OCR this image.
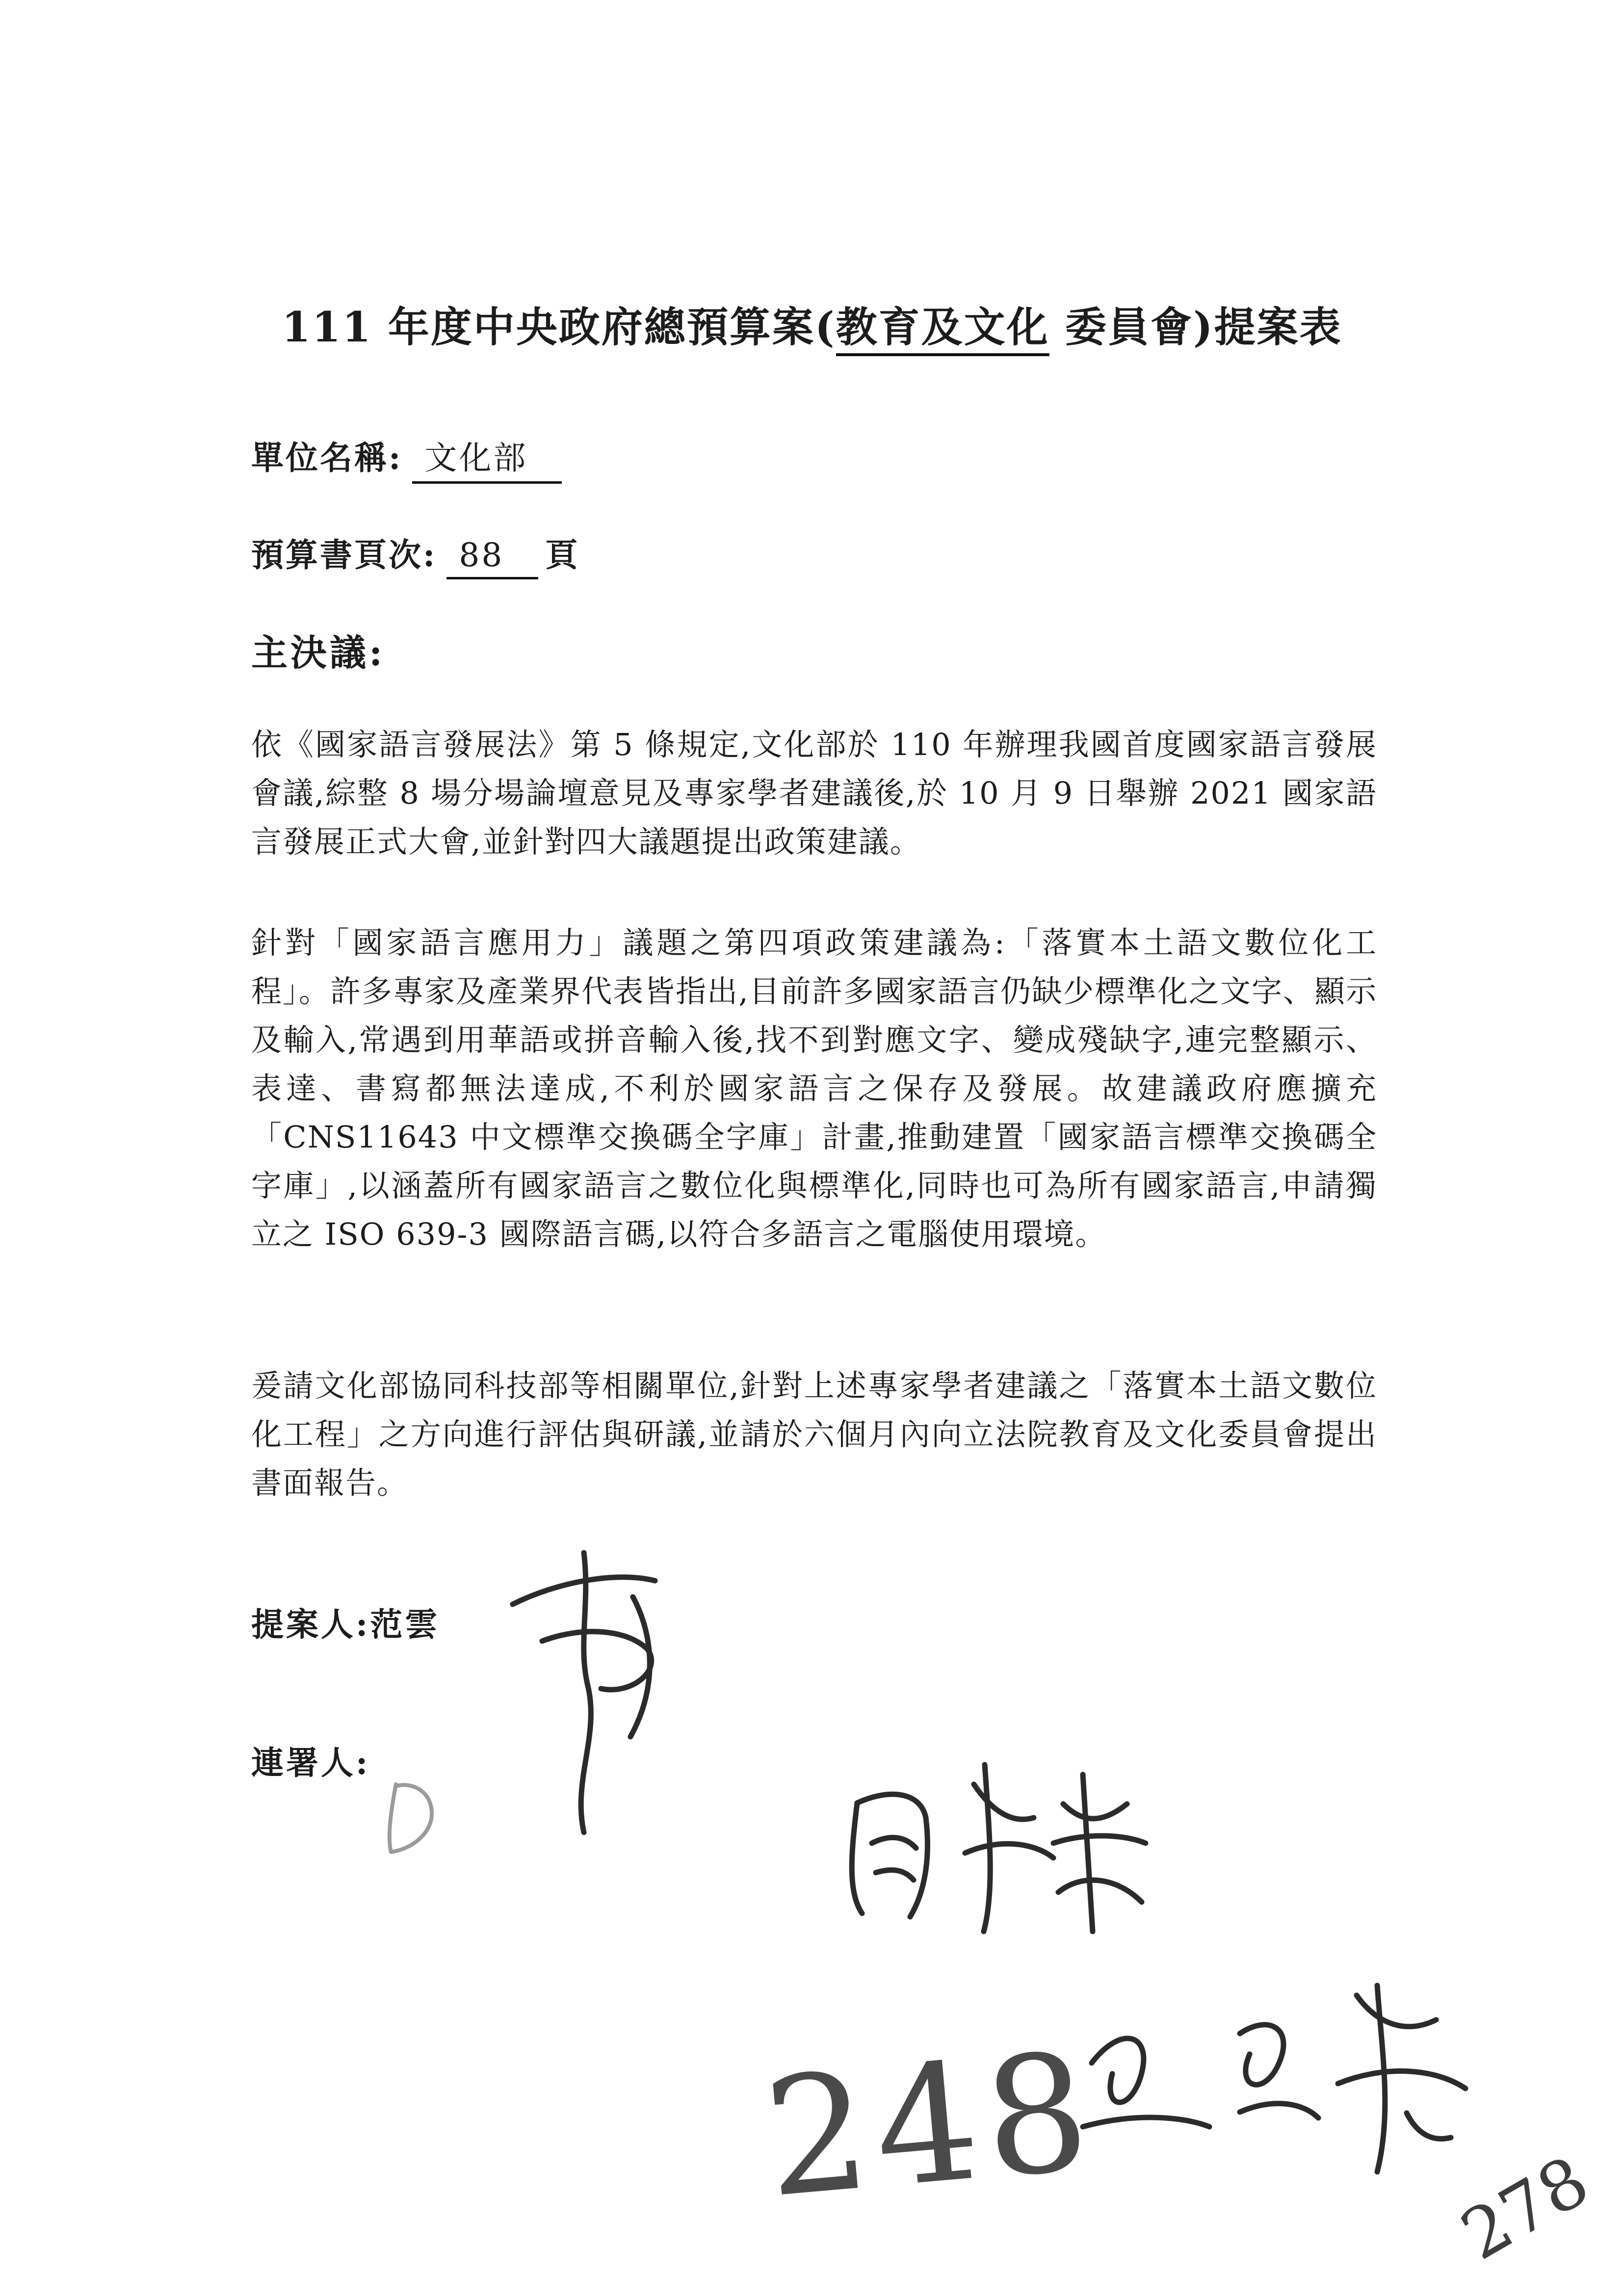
111 年度中央政府總預算案(教育及文化 委員會)提案表
單位名稱: 文化部
預算書頁次: 88 頁
主決議:
依《國家語言發展法》第 5 條規定,文化部於 110 年辦理我國首度國家語言發展會議,綜整 8 場分場論壇意見及專家學者建議後,於 10 月 9 日舉辦 2021 國家語言發展正式大會,並針對四大議題提出政策建議。
針對「國家語言應用力」議題之第四項政策建議為:「落實本土語文數位化工程」。許多專家及產業界代表皆指出,目前許多國家語言仍缺少標準化之文字、顯示及輸入,常遇到用華語或拼音輸入後,找不到對應文字、變成殘缺字,連完整顯示、表達、書寫都無法達成,不利於國家語言之保存及發展。故建議政府應擴充「CNS11643 中文標準交換碼全字庫」計畫,推動建置「國家語言標準交換碼全字庫」,以涵蓋所有國家語言之數位化與標準化,同時也可為所有國家語言,申請獨立之 ISO 639-3 國際語言碼,以符合多語言之電腦使用環境。
爰請文化部協同科技部等相關單位,針對上述專家學者建議之「落實本土語文數位化工程」之方向進行評估與研議,並請於六個月內向立法院教育及文化委員會提出書面報告。
提案人:范雲
連署人:
248	278
